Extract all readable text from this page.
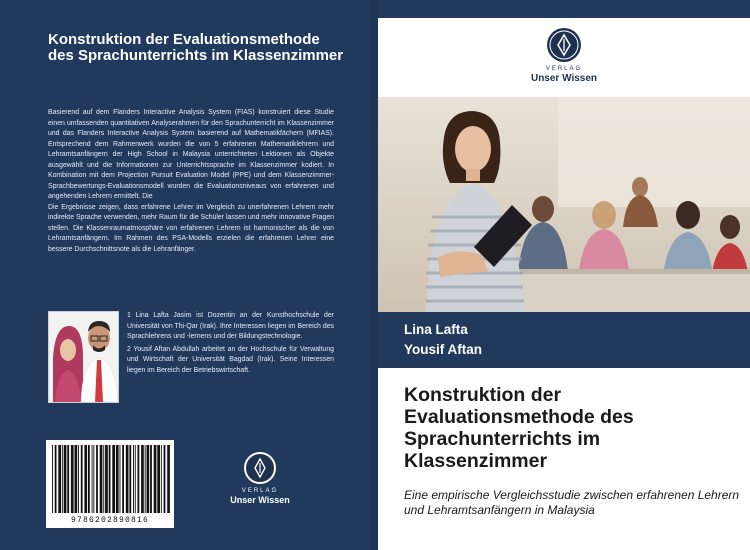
Konstruktion der Evaluationsmethode des Sprachunterrichts im Klassenzimmer

Basierend auf dem Flanders Interactive Analysis System (FIAS) konstruiert diese Studie einen umfassenden quantitativen Analyserahmen für den Sprachunterricht im Klassenzimmer und das Flanders Interactive Analysis System basierend auf Mathematikfächern (MFIAS). Entsprechend dem Rahmenwerk wurden die von 5 erfahrenen Mathematiklehrern und Lehramtsanfängern der High School in Malaysia unterrichteten Lektionen als Objekte ausgewählt und die Informationen zur Unterrichtssprache im Klassenzimmer kodiert. In Kombination mit dem Projection Pursuit Evaluation Model (PPE) und dem Klassenzimmer-Sprachbewertungs-Evaluationsmodell wurden die Evaluationsniveaus von erfahrenen und angehenden Lehrern ermittelt. Die

Die Ergebnisse zeigen, dass erfahrene Lehrer im Vergleich zu unerfahrenen Lehrern mehr indirekte Sprache verwenden, mehr Raum für die Schüler lassen und mehr innovative Fragen stellen. Die Klassenraumatmosphäre von erfahrenen Lehrern ist harmonischer als die von Lehramtsanfängern. Im Rahmen des PSA-Modells erzielen die erfahrenen Lehrer eine bessere Durchschnittsnote als die Lehranfänger.

1 Lina Lafta Jasim ist Dozentin an der Kunsthochschule der Universität von Thi-Qar (Irak). Ihre Interessen liegen im Bereich des Sprachlehrens und -lernens und der Bildungstechnologie.

2 Yousif Aftan Abdullah arbeitet an der Hochschule für Verwaltung und Wirtschaft der Universität Bagdad (Irak). Seine Interessen liegen im Bereich der Betriebswirtschaft.

9786202890816
VERLAG
Unser Wissen
VERLAG
Unser Wissen
Lina Lafta
Yousif Aftan
Konstruktion der Evaluationsmethode des Sprachunterrichts im Klassenzimmer
Eine empirische Vergleichsstudie zwischen erfahrenen Lehrern und Lehramtsanfängern in Malaysia
